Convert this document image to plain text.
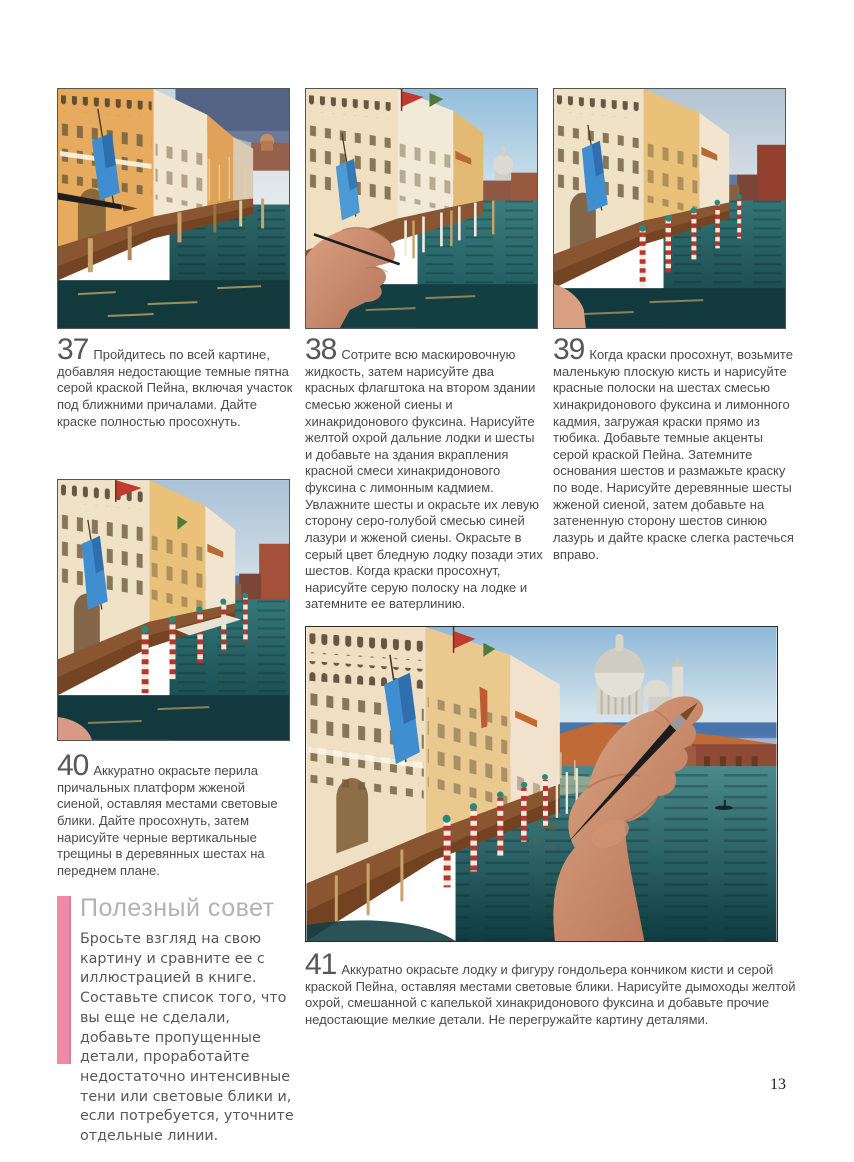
37 Пройдитесь по всей картине, добавляя недостающие темные пятна серой краской Пейна, включая участок под ближними причалами. Дайте краске полностью просохнуть.

38 Сотрите всю маскировочную жидкость, затем нарисуйте два красных флагштока на втором здании смесью жженой сиены и хинакридонового фуксина. Нарисуйте желтой охрой дальние лодки и шесты и добавьте на здания вкрапления красной смеси хинакридонового фуксина с лимонным кадмием. Увлажните шесты и окрасьте их левую сторону серо-голубой смесью синей лазури и жженой сиены. Окрасьте в серый цвет бледную лодку позади этих шестов. Когда краски просохнут, нарисуйте серую полоску на лодке и затемните ее ватерлинию.

39 Когда краски просохнут, возьмите маленькую плоскую кисть и нарисуйте красные полоски на шестах смесью хинакридонового фуксина и лимонного кадмия, загружая краски прямо из тюбика. Добавьте темные акценты серой краской Пейна. Затемните основания шестов и размажьте краску по воде. Нарисуйте деревянные шесты жженой сиеной, затем добавьте на затененную сторону шестов синюю лазурь и дайте краске слегка растечься вправо.

40 Аккуратно окрасьте перила причальных платформ жженой сиеной, оставляя местами световые блики. Дайте просохнуть, затем нарисуйте черные вертикальные трещины в деревянных шестах на переднем плане.

41 Аккуратно окрасьте лодку и фигуру гондольера кончиком кисти и серой краской Пейна, оставляя местами световые блики. Нарисуйте дымоходы желтой охрой, смешанной с капелькой хинакридонового фуксина и добавьте прочие недостающие мелкие детали. Не перегружайте картину деталями.

Полезный совет

Бросьте взгляд на свою картину и сравните ее с иллюстрацией в книге. Составьте список того, что вы еще не сделали, добавьте пропущенные детали, проработайте недостаточно интенсивные тени или световые блики и, если потребуется, уточните отдельные линии.

13
